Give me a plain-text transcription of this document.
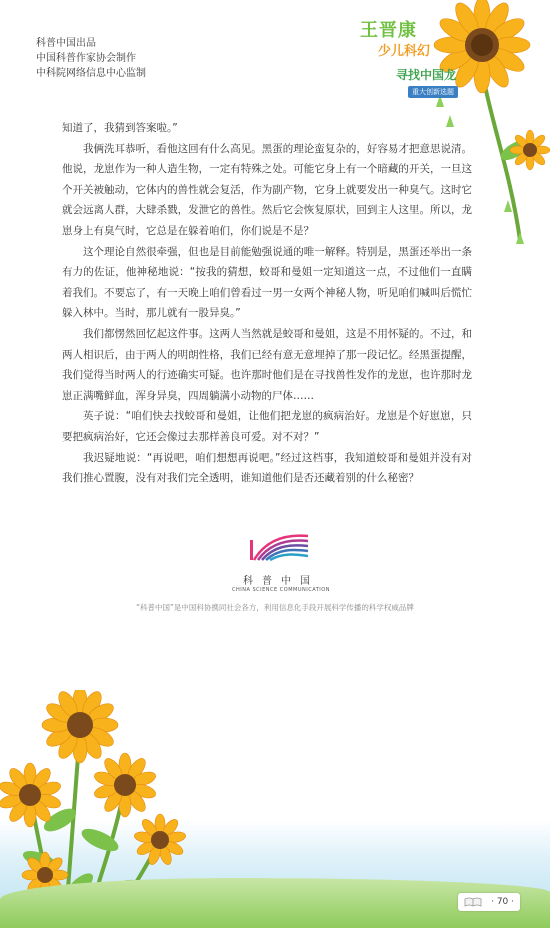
科普中国出品
中国科普作家协会制作
中科院网络信息中心监制
王晋康
少儿科幻
寻找中国龙
重大创新选题

知道了，我猜到答案啦。”

我俩洗耳恭听，看他这回有什么高见。黑蛋的理论蛮复杂的，好容易才把意思说清。他说，龙崽作为一种人造生物，一定有特殊之处。可能它身上有一个暗藏的开关，一旦这个开关被触动，它体内的兽性就会复活，作为副产物，它身上就要发出一种臭气。这时它就会远离人群，大肆杀戮，发泄它的兽性。然后它会恢复原状，回到主人这里。所以，龙崽身上有臭气时，它总是在躲着咱们，你们说是不是？

这个理论自然很牵强，但也是目前能勉强说通的唯一解释。特别是，黑蛋还举出一条有力的佐证，他神秘地说：“按我的猜想，蛟哥和曼姐一定知道这一点，不过他们一直瞒着我们。不要忘了，有一天晚上咱们曾看过一男一女两个神秘人物，听见咱们喊叫后慌忙躲入林中。当时，那儿就有一股异臭。”

我们都愣然回忆起这件事。这两人当然就是蛟哥和曼姐，这是不用怀疑的。不过，和两人相识后，由于两人的明朗性格，我们已经有意无意埋掉了那一段记忆。经黑蛋提醒，我们觉得当时两人的行迹确实可疑。也许那时他们是在寻找兽性发作的龙崽，也许那时龙崽正满嘴鲜血，浑身异臭，四周躺满小动物的尸体……

英子说：“咱们快去找蛟哥和曼姐，让他们把龙崽的疯病治好。龙崽是个好崽崽，只要把疯病治好，它还会像过去那样善良可爱。对不对？”

我迟疑地说：“再说吧，咱们想想再说吧。”经过这档事，我知道蛟哥和曼姐并没有对我们推心置腹，没有对我们完全透明，谁知道他们是否还藏着别的什么秘密？

科普中国
CHINA SCIENCE COMMUNICATION
“科普中国”是中国科协携同社会各方，利用信息化手段开展科学传播的科学权威品牌
· 70 ·
